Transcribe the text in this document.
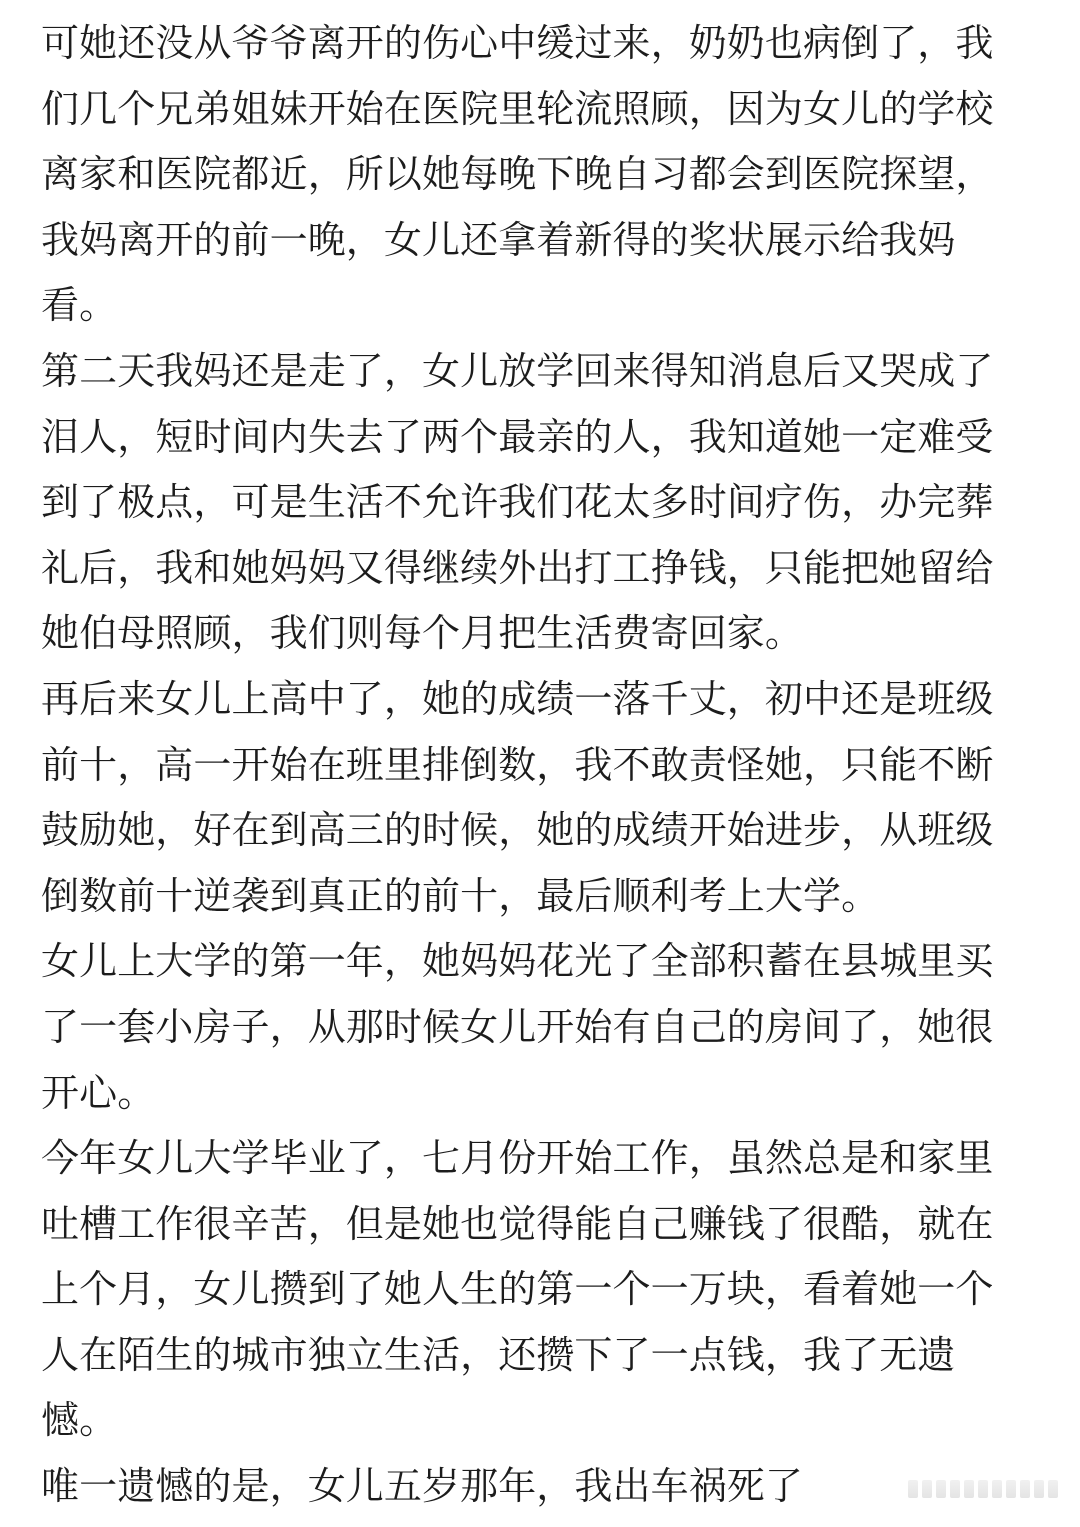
可她还没从爷爷离开的伤心中缓过来，奶奶也病倒了，我
们几个兄弟姐妹开始在医院里轮流照顾，因为女儿的学校
离家和医院都近，所以她每晚下晚自习都会到医院探望，
我妈离开的前一晚，女儿还拿着新得的奖状展示给我妈
看。
第二天我妈还是走了，女儿放学回来得知消息后又哭成了
泪人，短时间内失去了两个最亲的人，我知道她一定难受
到了极点，可是生活不允许我们花太多时间疗伤，办完葬
礼后，我和她妈妈又得继续外出打工挣钱，只能把她留给
她伯母照顾，我们则每个月把生活费寄回家。
再后来女儿上高中了，她的成绩一落千丈，初中还是班级
前十，高一开始在班里排倒数，我不敢责怪她，只能不断
鼓励她，好在到高三的时候，她的成绩开始进步，从班级
倒数前十逆袭到真正的前十，最后顺利考上大学。
女儿上大学的第一年，她妈妈花光了全部积蓄在县城里买
了一套小房子，从那时候女儿开始有自己的房间了，她很
开心。
今年女儿大学毕业了，七月份开始工作，虽然总是和家里
吐槽工作很辛苦，但是她也觉得能自己赚钱了很酷，就在
上个月，女儿攒到了她人生的第一个一万块，看着她一个
人在陌生的城市独立生活，还攒下了一点钱，我了无遗
憾。
唯一遗憾的是，女儿五岁那年，我出车祸死了
